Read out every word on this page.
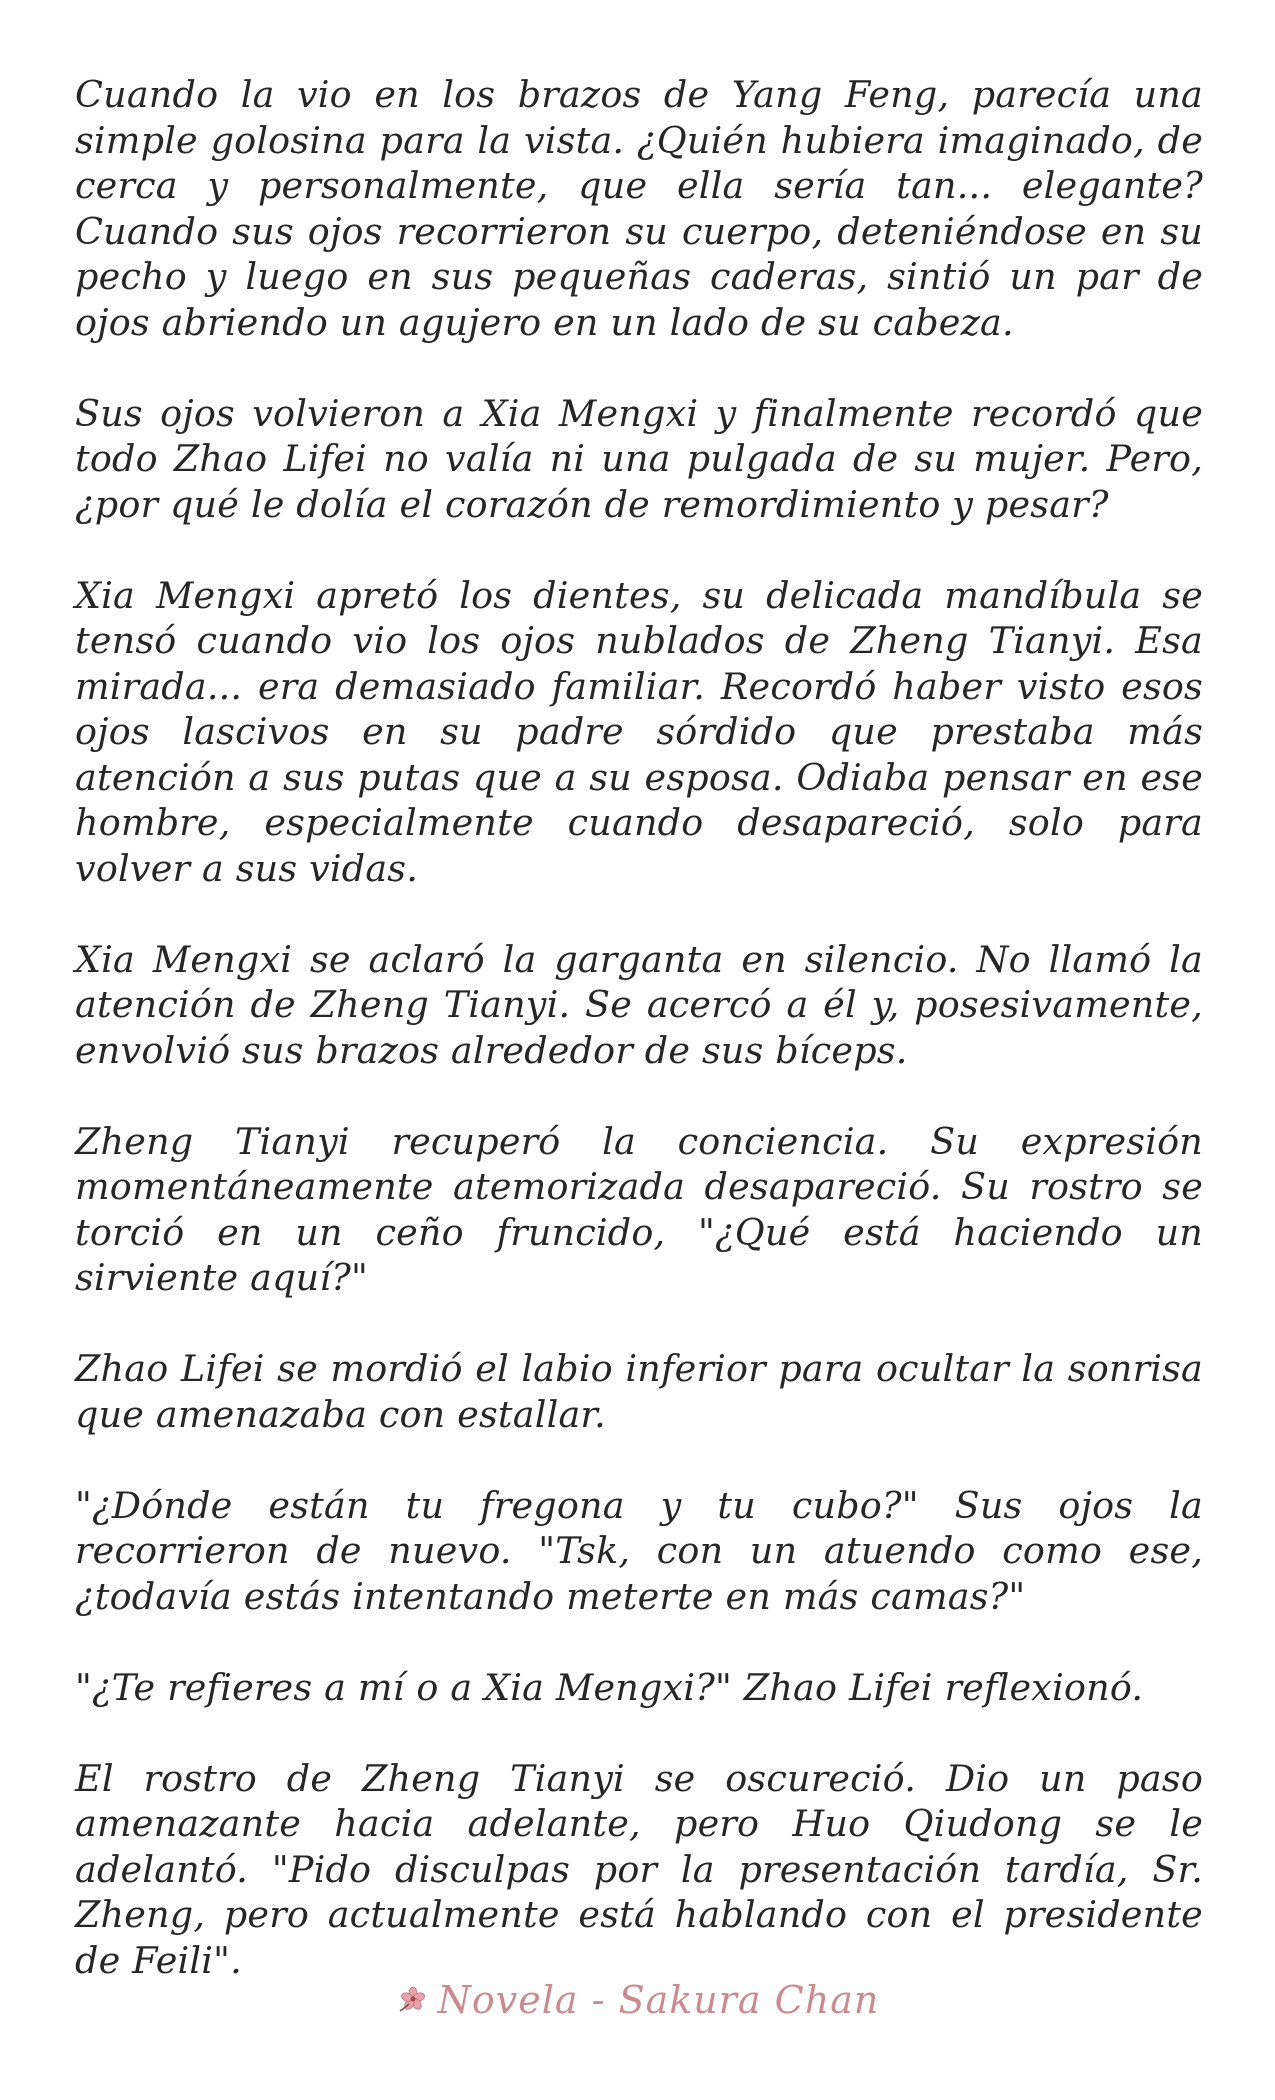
Cuando la vio en los brazos de Yang Feng, parecía una simple golosina para la vista. ¿Quién hubiera imaginado, de cerca y personalmente, que ella sería tan... elegante? Cuando sus ojos recorrieron su cuerpo, deteniéndose en su pecho y luego en sus pequeñas caderas, sintió un par de ojos abriendo un agujero en un lado de su cabeza.

Sus ojos volvieron a Xia Mengxi y finalmente recordó que todo Zhao Lifei no valía ni una pulgada de su mujer. Pero, ¿por qué le dolía el corazón de remordimiento y pesar?

Xia Mengxi apretó los dientes, su delicada mandíbula se tensó cuando vio los ojos nublados de Zheng Tianyi. Esa mirada... era demasiado familiar. Recordó haber visto esos ojos lascivos en su padre sórdido que prestaba más atención a sus putas que a su esposa. Odiaba pensar en ese hombre, especialmente cuando desapareció, solo para volver a sus vidas.

Xia Mengxi se aclaró la garganta en silencio. No llamó la atención de Zheng Tianyi. Se acercó a él y, posesivamente, envolvió sus brazos alrededor de sus bíceps.

Zheng Tianyi recuperó la conciencia. Su expresión momentáneamente atemorizada desapareció. Su rostro se torció en un ceño fruncido, "¿Qué está haciendo un sirviente aquí?"

Zhao Lifei se mordió el labio inferior para ocultar la sonrisa que amenazaba con estallar.

"¿Dónde están tu fregona y tu cubo?" Sus ojos la recorrieron de nuevo. "Tsk, con un atuendo como ese, ¿todavía estás intentando meterte en más camas?"

"¿Te refieres a mí o a Xia Mengxi?" Zhao Lifei reflexionó.

El rostro de Zheng Tianyi se oscureció. Dio un paso amenazante hacia adelante, pero Huo Qiudong se le adelantó. "Pido disculpas por la presentación tardía, Sr. Zheng, pero actualmente está hablando con el presidente de Feili".

Novela - Sakura Chan
